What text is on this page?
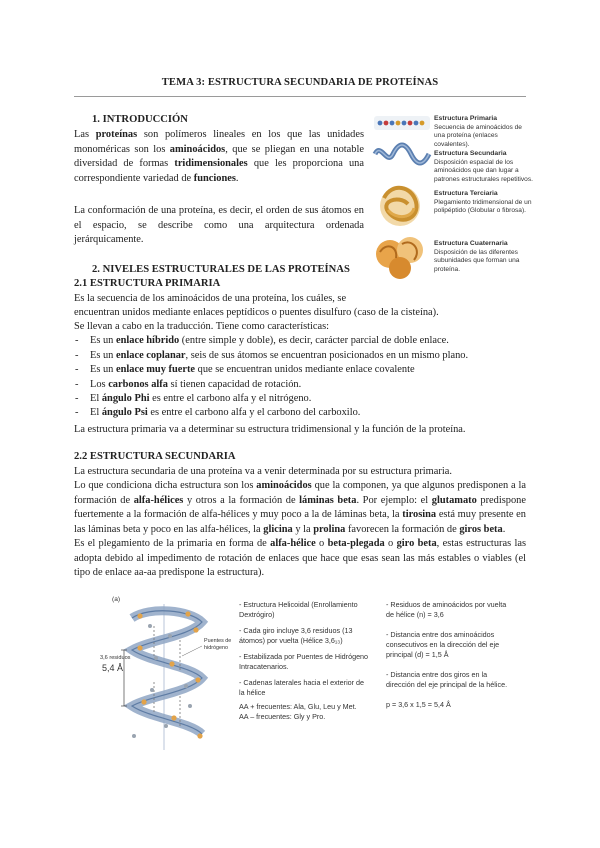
TEMA 3: ESTRUCTURA SECUNDARIA DE PROTEÍNAS
1. INTRODUCCIÓN
Las proteínas son polímeros lineales en los que las unidades monoméricas son los aminoácidos, que se pliegan en una notable diversidad de formas tridimensionales que les proporciona una correspondiente variedad de funciones.
La conformación de una proteína, es decir, el orden de sus átomos en el espacio, se describe como una arquitectura ordenada jerárquicamente.
Estructura Primaria
Secuencia de aminoácidos de una proteína (enlaces covalentes).
Estructura Secundaria
Disposición espacial de los aminoácidos que dan lugar a patrones estructurales repetitivos.
Estructura Terciaria
Plegamiento tridimensional de un polipéptido (Globular o fibrosa).
Estructura Cuaternaria
Disposición de las diferentes subunidades que forman una proteína.
2. NIVELES ESTRUCTURALES DE LAS PROTEÍNAS
2.1 ESTRUCTURA PRIMARIA
Es la secuencia de los aminoácidos de una proteína, los cuáles, se
encuentran unidos mediante enlaces peptídicos o puentes disulfuro (caso de la cisteína).
Se llevan a cabo en la traducción. Tiene como características:
- Es un enlace híbrido (entre simple y doble), es decir, carácter parcial de doble enlace.
- Es un enlace coplanar, seis de sus átomos se encuentran posicionados en un mismo plano.
- Es un enlace muy fuerte que se encuentran unidos mediante enlace covalente
- Los carbonos alfa sí tienen capacidad de rotación.
- El ángulo Phi es entre el carbono alfa y el nitrógeno.
- El ángulo Psi es entre el carbono alfa y el carbono del carboxilo.
La estructura primaria va a determinar su estructura tridimensional y la función de la proteína.
2.2 ESTRUCTURA SECUNDARIA
La estructura secundaria de una proteína va a venir determinada por su estructura primaria.
Lo que condiciona dicha estructura son los aminoácidos que la componen, ya que algunos predisponen a la formación de alfa-hélices y otros a la formación de láminas beta. Por ejemplo: el glutamato predispone fuertemente a la formación de alfa-hélices y muy poco a la de láminas beta, la tirosina está muy presente en las láminas beta y poco en las alfa-hélices, la glicina y la prolina favorecen la formación de giros beta.
Es el plegamiento de la primaria en forma de alfa-hélice o beta-plegada o giro beta, estas estructuras las adopta debido al impedimento de rotación de enlaces que hace que esas sean las más estables o viables (el tipo de enlace aa-aa predispone la estructura).
(a)
3,6 residuos
5,4 Å
Puentes de
hidrógeno
- Estructura Helicoidal (Enrollamiento Dextrógiro)
- Cada giro incluye 3,6 residuos (13 átomos) por vuelta (Hélice 3,6₁₃)
- Estabilizada por Puentes de Hidrógeno Intracatenarios.
- Cadenas laterales hacia el exterior de la hélice
AA + frecuentes: Ala, Glu, Leu y Met.
AA – frecuentes: Gly y Pro.
- Residuos de aminoácidos por vuelta de hélice (n) = 3,6
- Distancia entre dos aminoácidos consecutivos en la dirección del eje principal (d) = 1,5 Å
- Distancia entre dos giros en la dirección del eje principal de la hélice.
p = 3,6 x 1,5 = 5,4 Å
